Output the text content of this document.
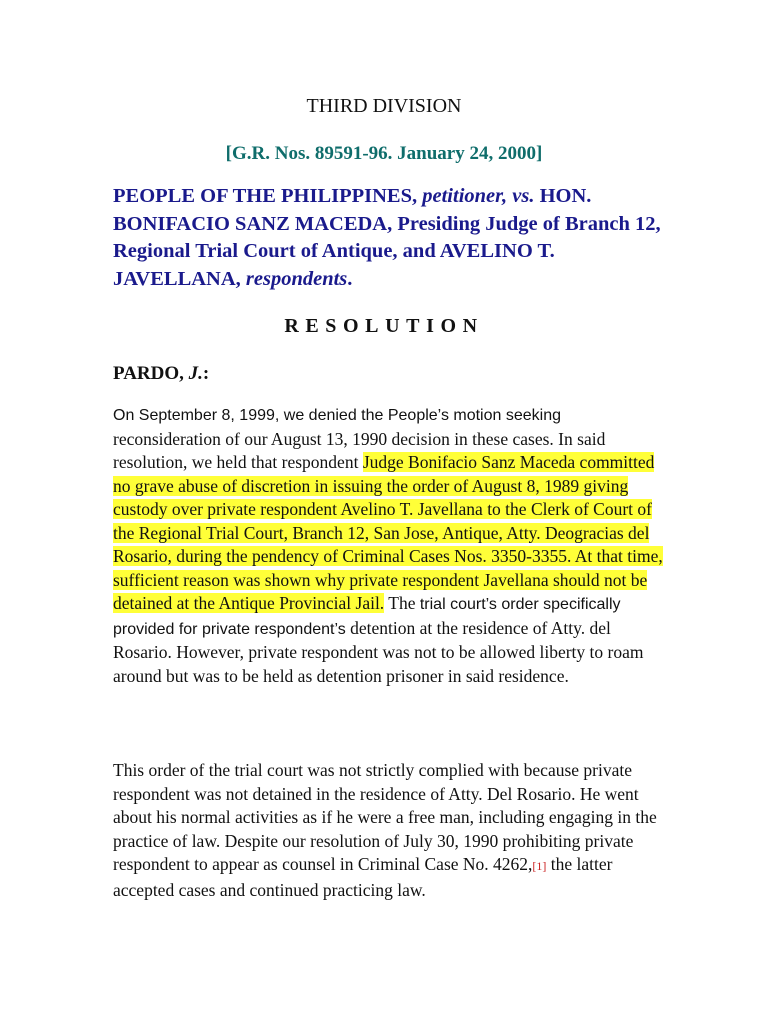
THIRD DIVISION
[G.R. Nos. 89591-96. January 24, 2000]
PEOPLE OF THE PHILIPPINES, petitioner, vs. HON. BONIFACIO SANZ MACEDA, Presiding Judge of Branch 12, Regional Trial Court of Antique, and AVELINO T. JAVELLANA, respondents.
RESOLUTION
PARDO, J.:
On September 8, 1999, we denied the People’s motion seeking reconsideration of our August 13, 1990 decision in these cases. In said resolution, we held that respondent Judge Bonifacio Sanz Maceda committed no grave abuse of discretion in issuing the order of August 8, 1989 giving custody over private respondent Avelino T. Javellana to the Clerk of Court of the Regional Trial Court, Branch 12, San Jose, Antique, Atty. Deogracias del Rosario, during the pendency of Criminal Cases Nos. 3350-3355. At that time, sufficient reason was shown why private respondent Javellana should not be detained at the Antique Provincial Jail. The trial court’s order specifically provided for private respondent’s detention at the residence of Atty. del Rosario. However, private respondent was not to be allowed liberty to roam around but was to be held as detention prisoner in said residence.
This order of the trial court was not strictly complied with because private respondent was not detained in the residence of Atty. Del Rosario. He went about his normal activities as if he were a free man, including engaging in the practice of law. Despite our resolution of July 30, 1990 prohibiting private respondent to appear as counsel in Criminal Case No. 4262,[1] the latter accepted cases and continued practicing law.
